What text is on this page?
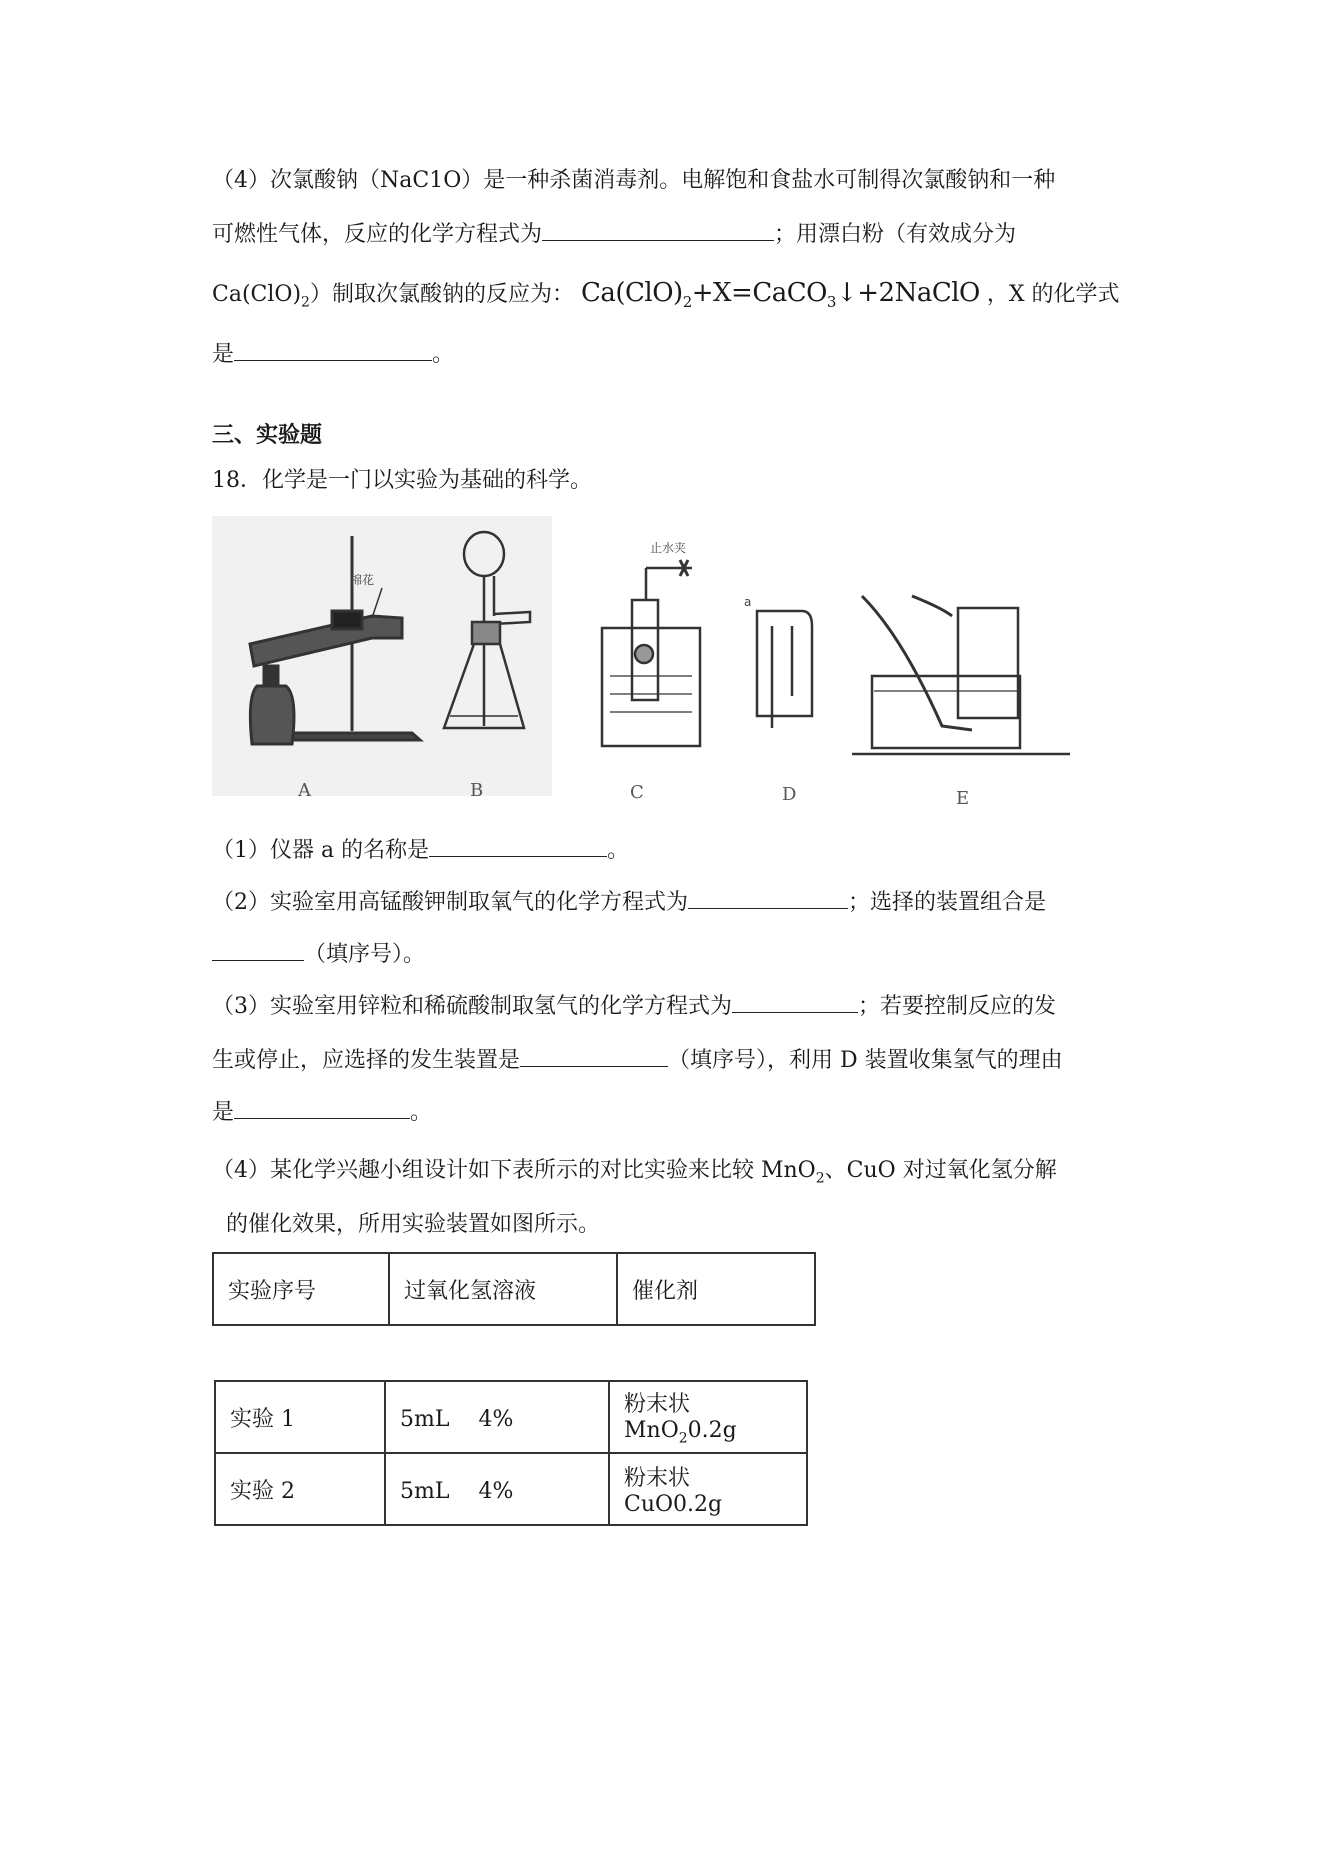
（4）次氯酸钠（NaC1O）是一种杀菌消毒剂。电解饱和食盐水可制得次氯酸钠和一种
可燃性气体，反应的化学方程式为	；用漂白粉（有效成分为
$Ca(ClO)_2$）制取次氯酸钠的反应为： $Ca(ClO)_2+X=CaCO_3↓+2NaClO$ ，X 的化学式
是	。
三、实验题
18．化学是一门以实验为基础的科学。
棉花
止水夹
a
A	B	C	D	E
（1）仪器 a 的名称是	。
（2）实验室用高锰酸钾制取氧气的化学方程式为	；选择的装置组合是
（填序号）。
（3）实验室用锌粒和稀硫酸制取氢气的化学方程式为	；若要控制反应的发
生或停止，应选择的发生装置是	（填序号），利用 D 装置收集氢气的理由
是	。
（4）某化学兴趣小组设计如下表所示的对比实验来比较 MnO$_2$、CuO 对过氧化氢分解
的催化效果，所用实验装置如图所示。
实验序号	过氧化氢溶液	催化剂
实验 1	5mL　 4%	粉末状 MnO$_2$0.2g
实验 2	5mL　 4%	粉末状 CuO0.2g
